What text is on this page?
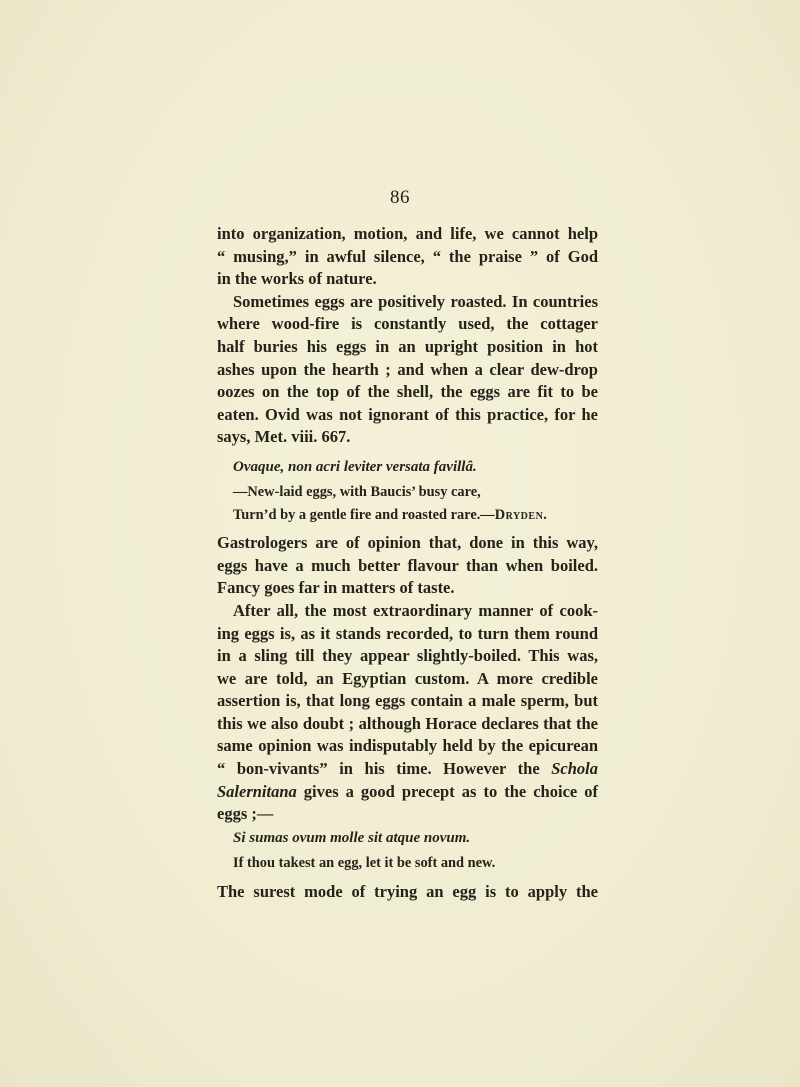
86

into organization, motion, and life, we cannot help
“ musing,” in awful silence, “ the praise ” of God
in the works of nature.

Sometimes eggs are positively roasted. In countries
where wood-fire is constantly used, the cottager
half buries his eggs in an upright position in hot
ashes upon the hearth ; and when a clear dew-drop
oozes on the top of the shell, the eggs are fit to be
eaten. Ovid was not ignorant of this practice, for he
says, Met. viii. 667.

Ovaque, non acri leviter versata favillâ.

—New-laid eggs, with Baucis’ busy care,
Turn’d by a gentle fire and roasted rare.—Dryden.

Gastrologers are of opinion that, done in this way,
eggs have a much better flavour than when boiled.
Fancy goes far in matters of taste.

After all, the most extraordinary manner of cook-
ing eggs is, as it stands recorded, to turn them round
in a sling till they appear slightly-boiled. This was,
we are told, an Egyptian custom. A more credible
assertion is, that long eggs contain a male sperm, but
this we also doubt ; although Horace declares that the
same opinion was indisputably held by the epicurean
“ bon-vivants” in his time. However the Schola
Salernitana gives a good precept as to the choice of
eggs ;—

Si sumas ovum molle sit atque novum.

If thou takest an egg, let it be soft and new.

The surest mode of trying an egg is to apply the
